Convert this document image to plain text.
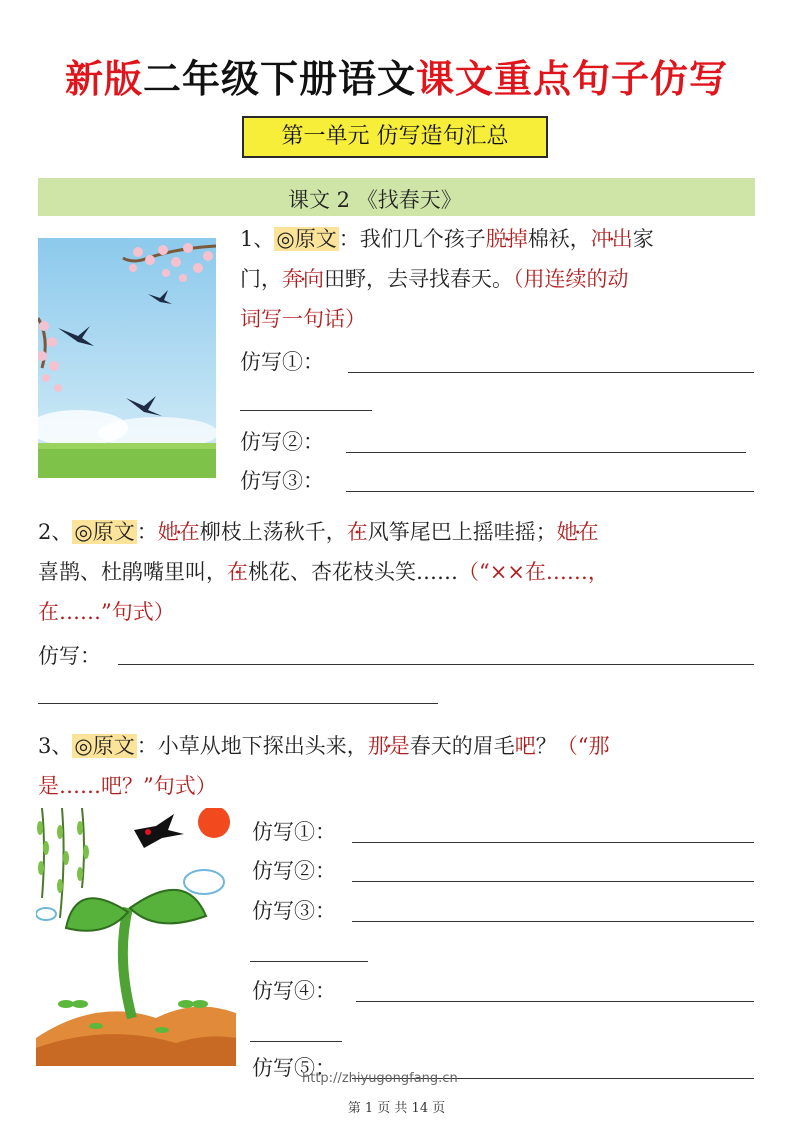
新版二年级下册语文课文重点句子仿写
第一单元 仿写造句汇总
课文 2 《找春天》
1、◎原文：我们几个孩子脱掉 •棉袄，冲出 •家
门，奔向 •田野，去寻找春天。（用连续的动
词写一句话）
仿写①：
仿写②：
仿写③：
2、◎原文：她在 •柳枝上荡秋千，在 •风筝尾巴上摇哇摇；她在 •
喜鹊、杜鹃嘴里叫，在 •桃花、杏花枝头笑……（“××在……，
在……”句式）
仿写：
3、◎原文：小草从地下探出头来，那是 •春天的眉毛吧 •？（“那
是……吧？”句式）
仿写①：
仿写②：
仿写③：
仿写④：
仿写⑤：
http://zhiyugongfang.cn
第 1 页 共 14 页
